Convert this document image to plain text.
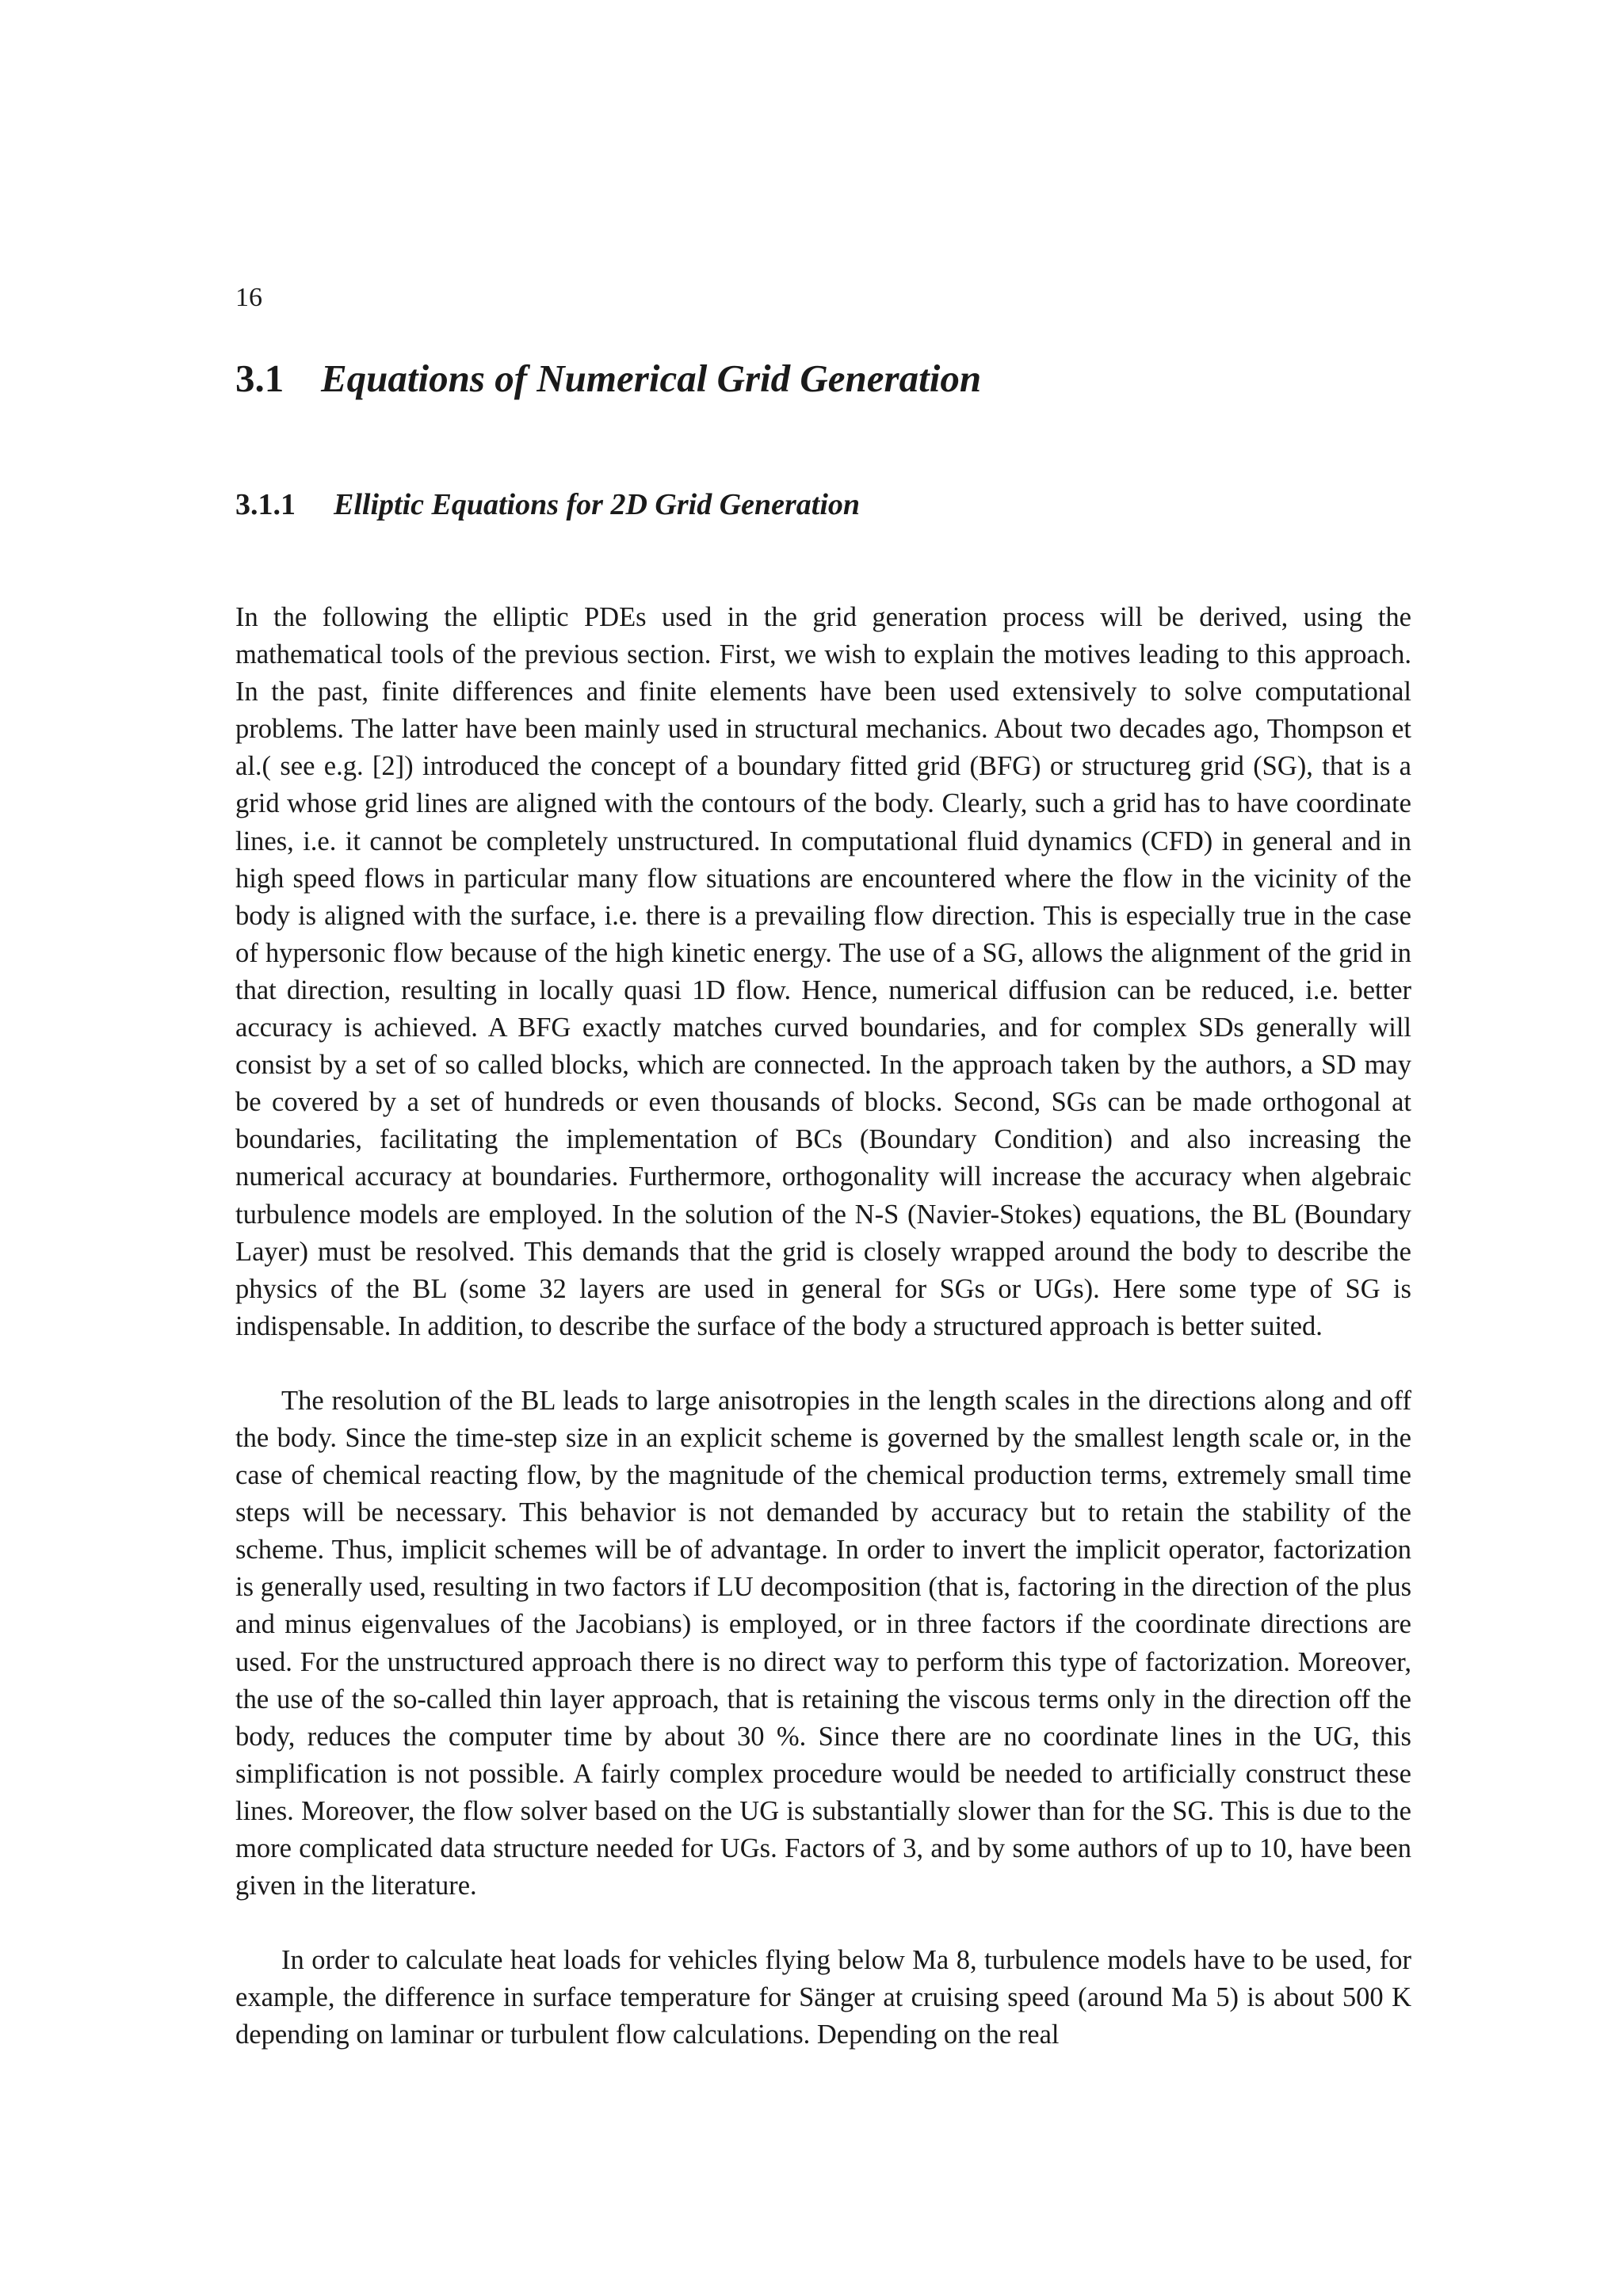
16
3.1 Equations of Numerical Grid Generation
3.1.1 Elliptic Equations for 2D Grid Generation

In the following the elliptic PDEs used in the grid generation process will be derived, using the mathematical tools of the previous section. First, we wish to explain the motives leading to this approach. In the past, finite differences and finite elements have been used extensively to solve computational problems. The latter have been mainly used in structural mechanics. About two decades ago, Thompson et al.( see e.g. [2]) introduced the concept of a boundary fitted grid (BFG) or structureg grid (SG), that is a grid whose grid lines are aligned with the contours of the body. Clearly, such a grid has to have coordinate lines, i.e. it cannot be completely unstructured. In computational fluid dynamics (CFD) in general and in high speed flows in particular many flow situations are encountered where the flow in the vicinity of the body is aligned with the surface, i.e. there is a prevailing flow direction. This is especially true in the case of hypersonic flow because of the high kinetic energy. The use of a SG, allows the alignment of the grid in that direction, resulting in locally quasi 1D flow. Hence, numerical diffusion can be reduced, i.e. better accuracy is achieved. A BFG exactly matches curved boundaries, and for complex SDs generally will consist by a set of so called blocks, which are connected. In the approach taken by the authors, a SD may be covered by a set of hundreds or even thousands of blocks. Second, SGs can be made orthogonal at boundaries, facilitating the implementation of BCs (Boundary Condition) and also increasing the numerical accuracy at boundaries. Furthermore, orthogonality will increase the accuracy when algebraic turbulence models are employed. In the solution of the N-S (Navier-Stokes) equations, the BL (Boundary Layer) must be resolved. This demands that the grid is closely wrapped around the body to describe the physics of the BL (some 32 layers are used in general for SGs or UGs). Here some type of SG is indispensable. In addition, to describe the surface of the body a structured approach is better suited.

The resolution of the BL leads to large anisotropies in the length scales in the directions along and off the body. Since the time-step size in an explicit scheme is governed by the smallest length scale or, in the case of chemical reacting flow, by the magnitude of the chemical production terms, extremely small time steps will be necessary. This behavior is not demanded by accuracy but to retain the stability of the scheme. Thus, implicit schemes will be of advantage. In order to invert the implicit operator, factorization is generally used, resulting in two factors if LU decomposition (that is, factoring in the direction of the plus and minus eigenvalues of the Jacobians) is employed, or in three factors if the coordinate directions are used. For the unstructured approach there is no direct way to perform this type of factorization. Moreover, the use of the so-called thin layer approach, that is retaining the viscous terms only in the direction off the body, reduces the computer time by about 30 %. Since there are no coordinate lines in the UG, this simplification is not possible. A fairly complex procedure would be needed to artificially construct these lines. Moreover, the flow solver based on the UG is substantially slower than for the SG. This is due to the more complicated data structure needed for UGs. Factors of 3, and by some authors of up to 10, have been given in the literature.

In order to calculate heat loads for vehicles flying below Ma 8, turbulence models have to be used, for example, the difference in surface temperature for Sänger at cruising speed (around Ma 5) is about 500 K depending on laminar or turbulent flow calculations. Depending on the real
